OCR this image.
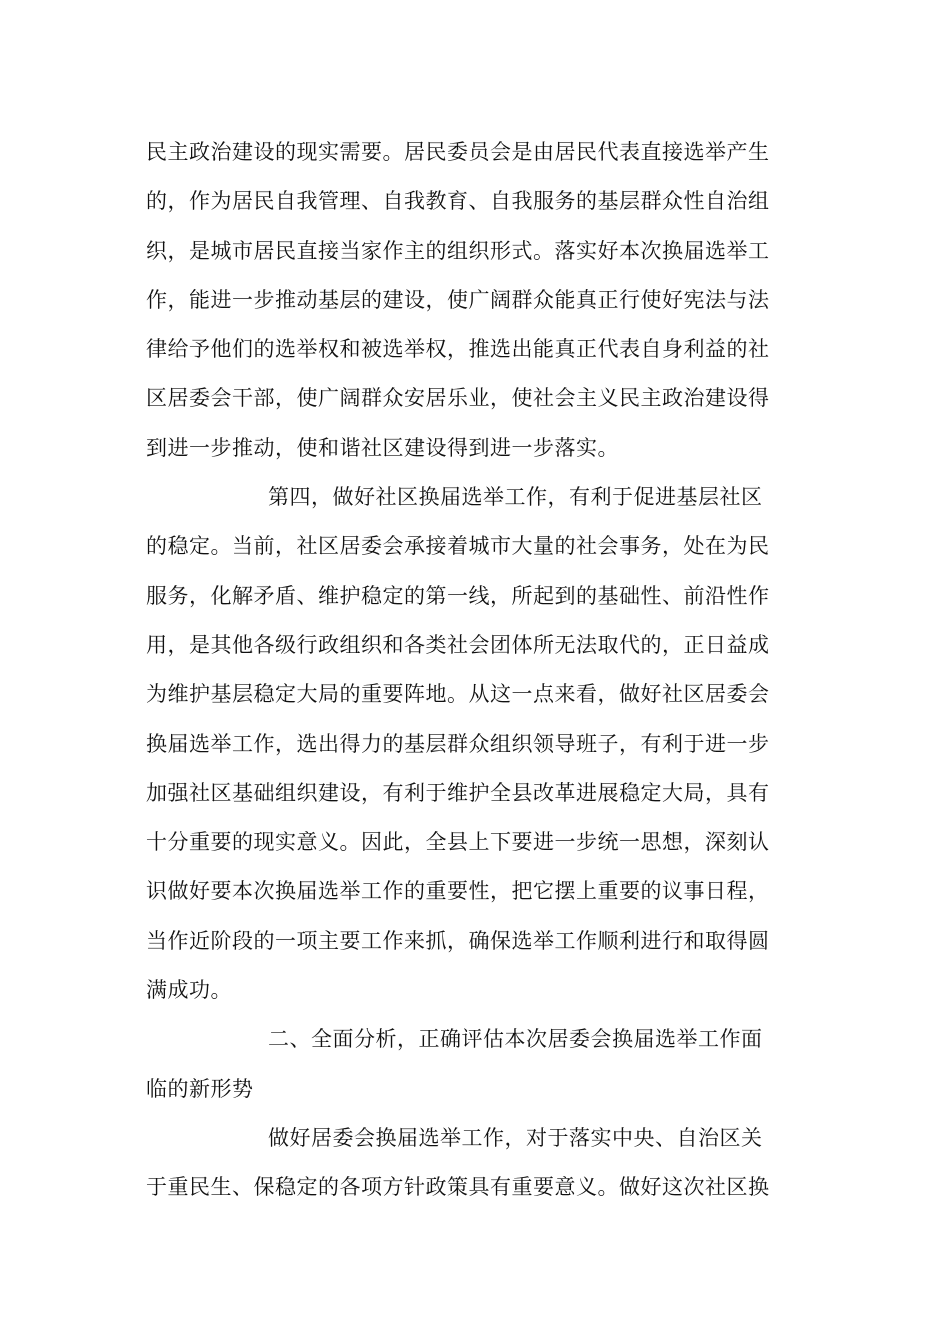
民主政治建设的现实需要。居民委员会是由居民代表直接选举产生
的，作为居民自我管理、自我教育、自我服务的基层群众性自治组
织，是城市居民直接当家作主的组织形式。落实好本次换届选举工
作，能进一步推动基层的建设，使广阔群众能真正行使好宪法与法
律给予他们的选举权和被选举权，推选出能真正代表自身利益的社
区居委会干部，使广阔群众安居乐业，使社会主义民主政治建设得
到进一步推动，使和谐社区建设得到进一步落实。
第四，做好社区换届选举工作，有利于促进基层社区
的稳定。当前，社区居委会承接着城市大量的社会事务，处在为民
服务，化解矛盾、维护稳定的第一线，所起到的基础性、前沿性作
用，是其他各级行政组织和各类社会团体所无法取代的，正日益成
为维护基层稳定大局的重要阵地。从这一点来看，做好社区居委会
换届选举工作，选出得力的基层群众组织领导班子，有利于进一步
加强社区基础组织建设，有利于维护全县改革进展稳定大局，具有
十分重要的现实意义。因此，全县上下要进一步统一思想，深刻认
识做好要本次换届选举工作的重要性，把它摆上重要的议事日程，
当作近阶段的一项主要工作来抓，确保选举工作顺利进行和取得圆
满成功。
二、全面分析，正确评估本次居委会换届选举工作面
临的新形势
做好居委会换届选举工作，对于落实中央、自治区关
于重民生、保稳定的各项方针政策具有重要意义。做好这次社区换
